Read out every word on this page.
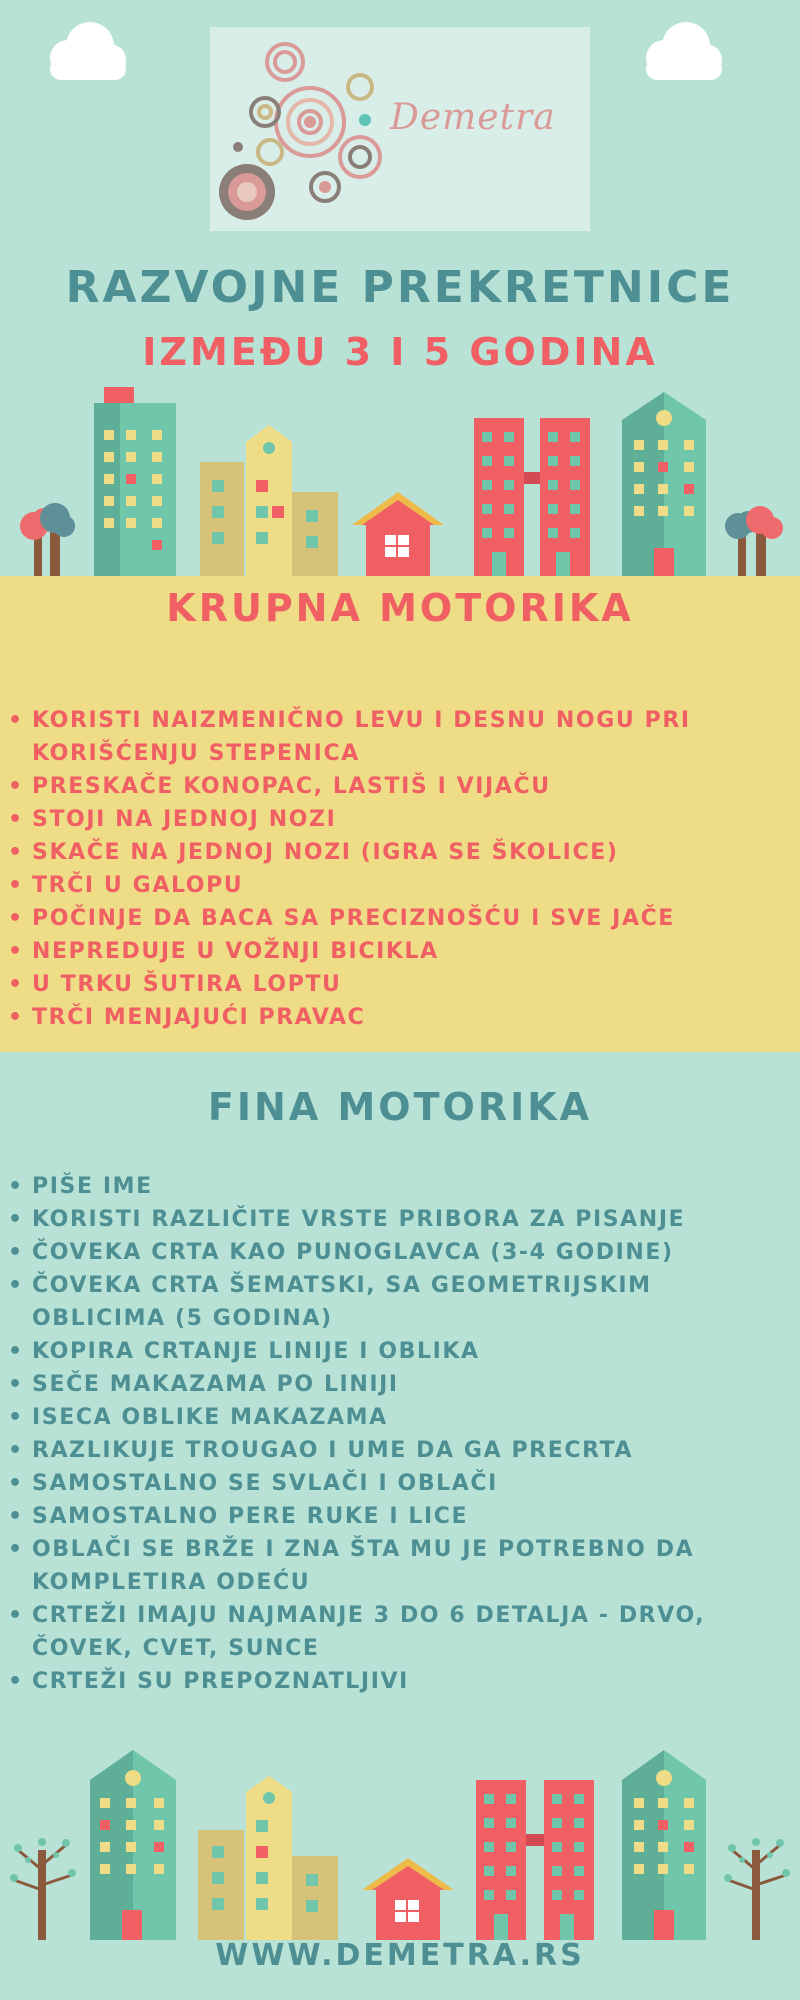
Demetra
RAZVOJNE PREKRETNICE
IZMEĐU 3 I 5 GODINA
KRUPNA MOTORIKA
• KORISTI NAIZMENIČNO LEVU I DESNU NOGU PRI KORIŠĆENJU STEPENICA
• PRESKAČE KONOPAC, LASTIŠ I VIJAČU
• STOJI NA JEDNOJ NOZI
• SKAČE NA JEDNOJ NOZI (IGRA SE ŠKOLICE)
• TRČI U GALOPU
• POČINJE DA BACA SA PRECIZNOŠĆU I SVE JAČE
• NEPREDUJE U VOŽNJI BICIKLA
• U TRKU ŠUTIRA LOPTU
• TRČI MENJAJUĆI PRAVAC
FINA MOTORIKA
• PIŠE IME
• KORISTI RAZLIČITE VRSTE PRIBORA ZA PISANJE
• ČOVEKA CRTA KAO PUNOGLAVCA (3-4 GODINE)
• ČOVEKA CRTA ŠEMATSKI, SA GEOMETRIJSKIM OBLICIMA (5 GODINA)
• KOPIRA CRTANJE LINIJE I OBLIKA
• SEČE MAKAZAMA PO LINIJI
• ISECA OBLIKE MAKAZAMA
• RAZLIKUJE TROUGAO I UME DA GA PRECRTA
• SAMOSTALNO SE SVLAČI I OBLAČI
• SAMOSTALNO PERE RUKE I LICE
• OBLAČI SE BRŽE I ZNA ŠTA MU JE POTREBNO DA KOMPLETIRA ODEĆU
• CRTEŽI IMAJU NAJMANJE 3 DO 6 DETALJA - DRVO, ČOVEK, CVET, SUNCE
• CRTEŽI SU PREPOZNATLJIVI
WWW.DEMETRA.RS
